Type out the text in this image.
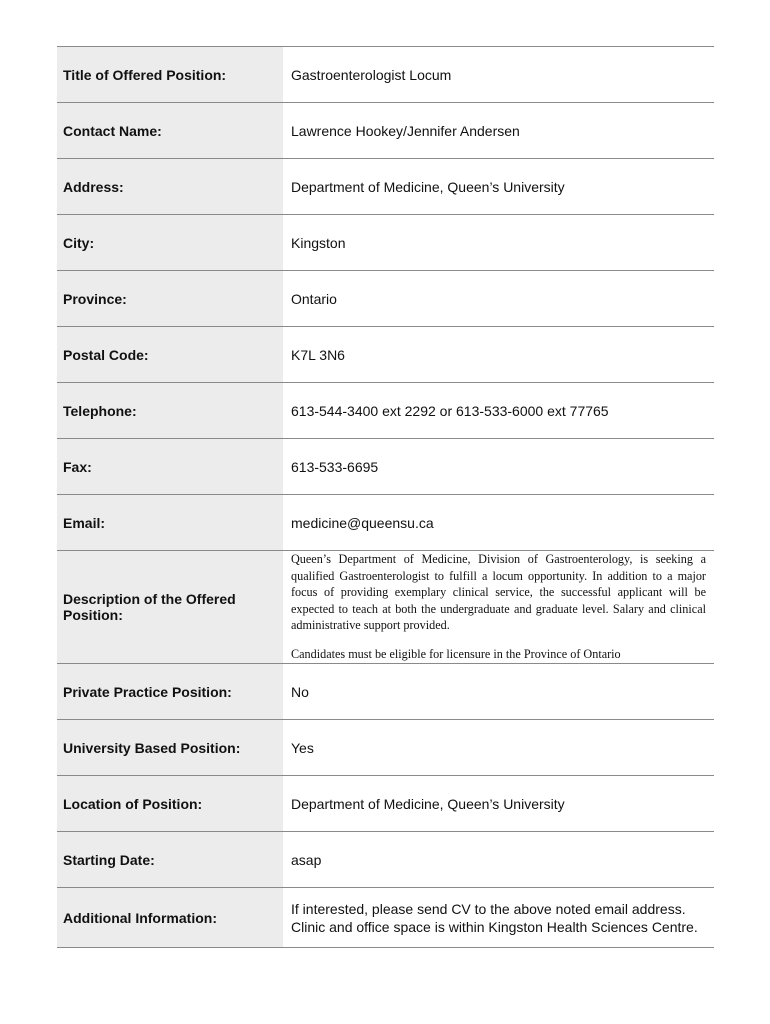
Title of Offered Position:	Gastroenterologist Locum
Contact Name:	Lawrence Hookey/Jennifer Andersen
Address:	Department of Medicine, Queen’s University
City:	Kingston
Province:	Ontario
Postal Code:	K7L 3N6
Telephone:	613-544-3400 ext 2292 or 613-533-6000 ext 77765
Fax:	613-533-6695
Email:	medicine@queensu.ca
Description of the Offered Position:	Queen’s Department of Medicine, Division of Gastroenterology, is seeking a qualified Gastroenterologist to fulfill a locum opportunity. In addition to a major focus of providing exemplary clinical service, the successful applicant will be expected to teach at both the undergraduate and graduate level. Salary and clinical administrative support provided.

Candidates must be eligible for licensure in the Province of Ontario

Private Practice Position:	No
University Based Position:	Yes
Location of Position:	Department of Medicine, Queen’s University
Starting Date:	asap
Additional Information:	If interested, please send CV to the above noted email address. Clinic and office space is within Kingston Health Sciences Centre.
